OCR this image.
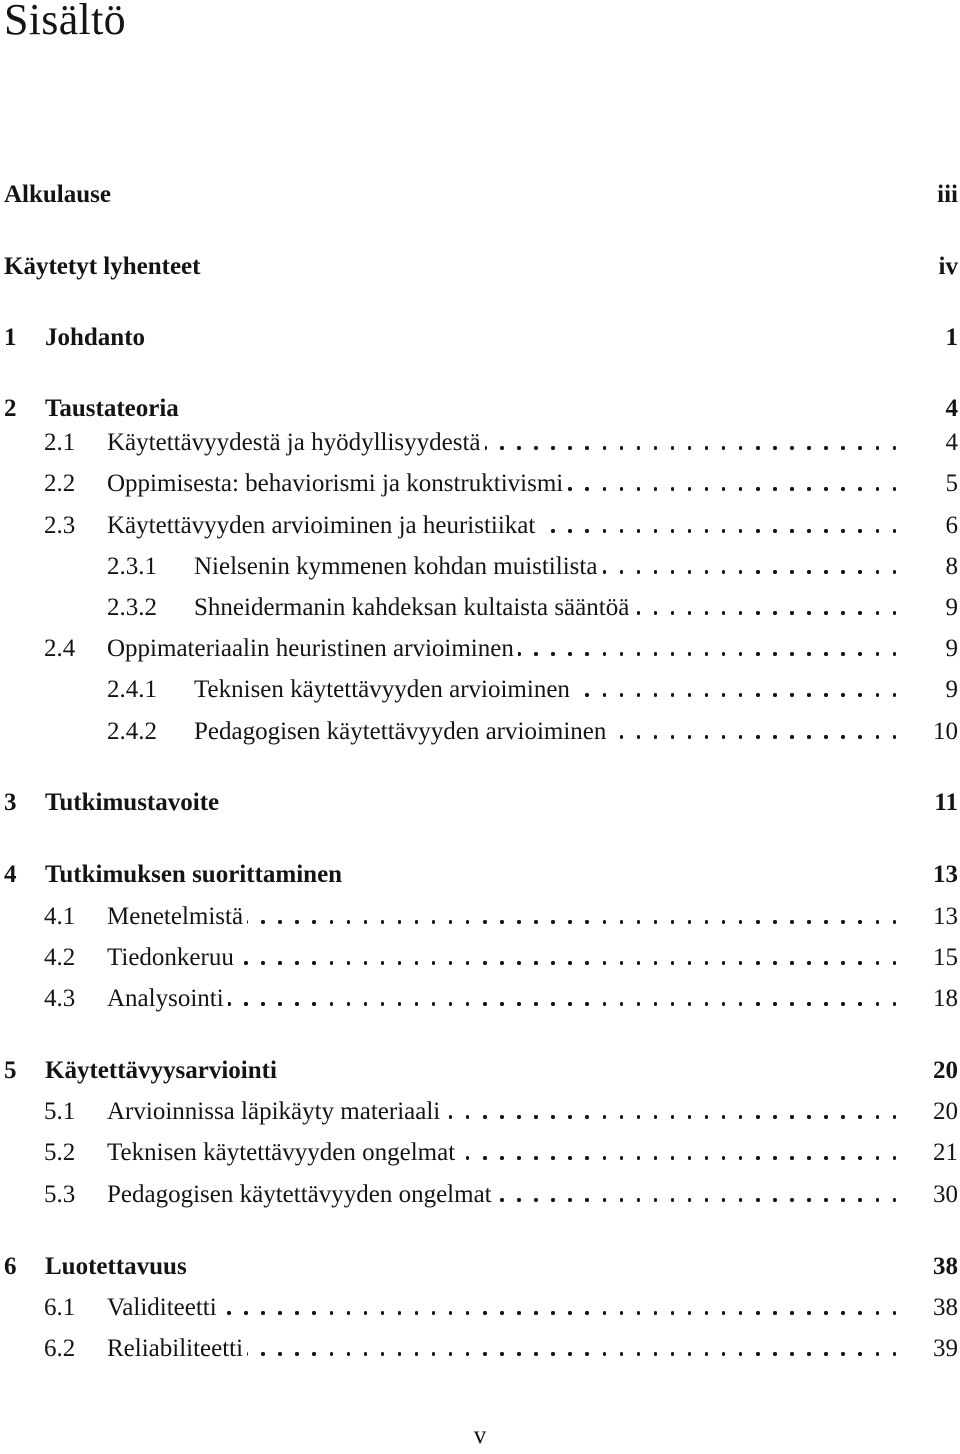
Sisältö
Alkulause	iii
Käytetyt lyhenteet	iv
1 Johdanto	1
2 Taustateoria	4
2.1 Käytettävyydestä ja hyödyllisyydestä	4
2.2 Oppimisesta: behaviorismi ja konstruktivismi	5
2.3 Käytettävyyden arvioiminen ja heuristiikat	6
2.3.1 Nielsenin kymmenen kohdan muistilista	8
2.3.2 Shneidermanin kahdeksan kultaista sääntöä	9
2.4 Oppimateriaalin heuristinen arvioiminen	9
2.4.1 Teknisen käytettävyyden arvioiminen	9
2.4.2 Pedagogisen käytettävyyden arvioiminen	10
3 Tutkimustavoite	11
4 Tutkimuksen suorittaminen	13
4.1 Menetelmistä	13
4.2 Tiedonkeruu	15
4.3 Analysointi	18
5 Käytettävyysarviointi	20
5.1 Arvioinnissa läpikäyty materiaali	20
5.2 Teknisen käytettävyyden ongelmat	21
5.3 Pedagogisen käytettävyyden ongelmat	30
6 Luotettavuus	38
6.1 Validiteetti	38
6.2 Reliabiliteetti	39
v
